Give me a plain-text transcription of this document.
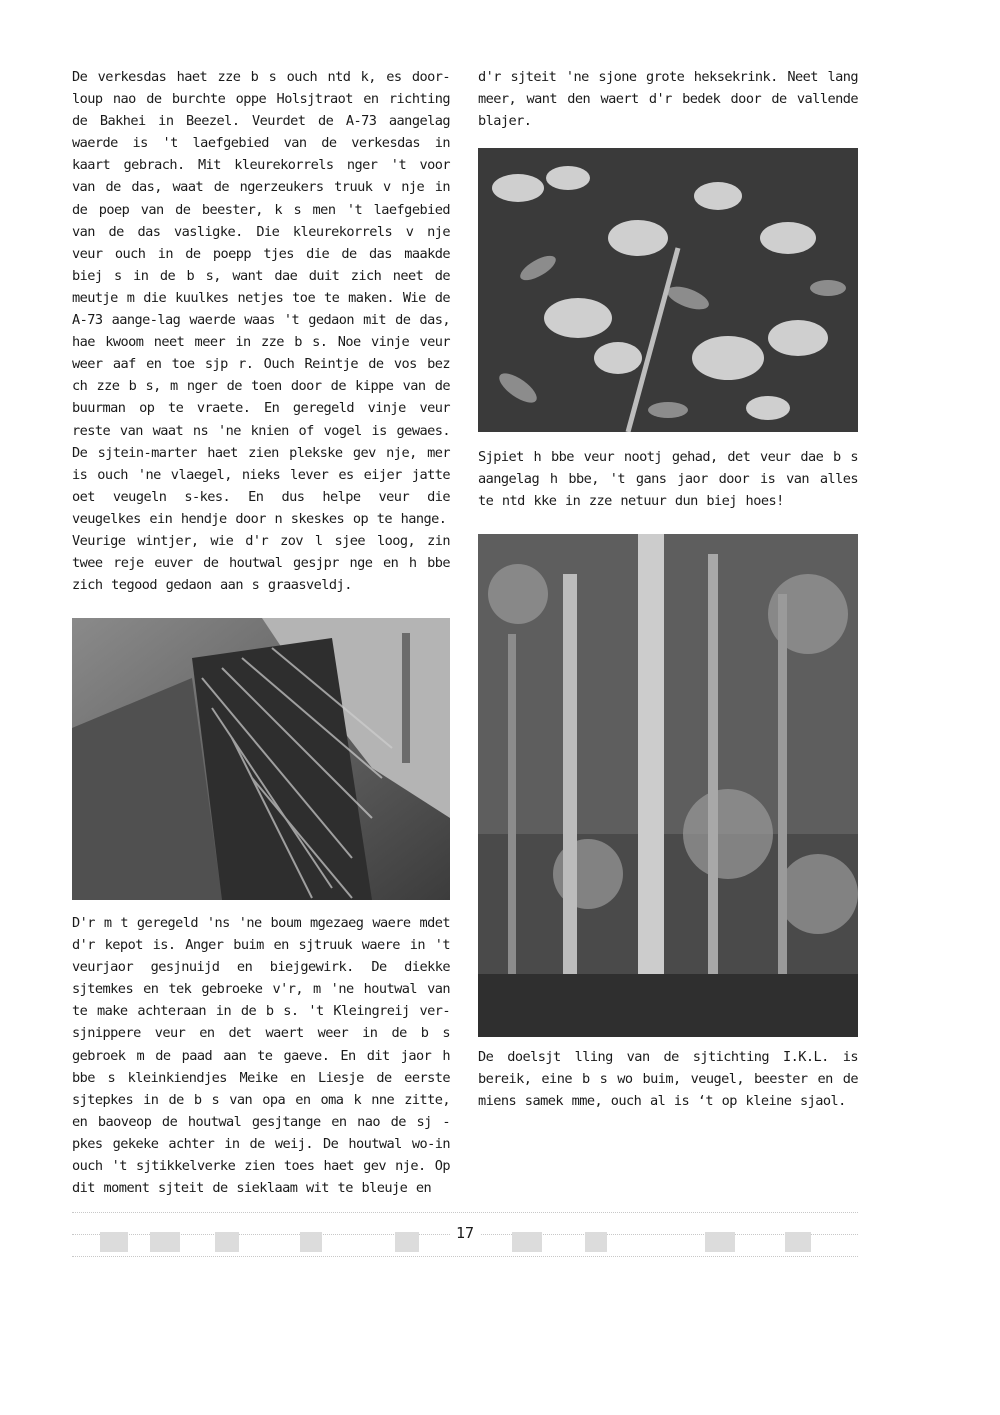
De verkesdas haet zze b s ouch ntd k, es door-loup nao de burchte oppe Holsjtraot en richting de Bakhei in Beezel. Veurdet de A-73 aangelag waerde is 't laefgebied van de verkesdas in kaart gebrach. Mit kleurekorrels nger 't voor van de das, waat de ngerzeukers truuk v nje in de poep van de beester, k s men 't laefgebied van de das vasligke. Die kleurekorrels v nje veur ouch in de poepp tjes die de das maakde biej s in de b s, want dae duit zich neet de meutje m die kuulkes netjes toe te maken. Wie de A-73 aange-lag waerde waas 't gedaon mit de das, hae kwoom neet meer in zze b s. Noe vinje veur weer aaf en toe sjp r. Ouch Reintje de vos bez ch zze b s, m nger de toen door de kippe van de buurman op te vraete. En geregeld vinje veur reste van waat ns 'ne knien of vogel is gewaes. De sjtein-marter haet zien plekske gev nje, mer is ouch 'ne vlaegel, nieks lever es eijer jatte oet veugeln s-kes. En dus helpe veur die veugelkes ein hendje door n skeskes op te hange.

Veurige wintjer, wie d'r zov l sjee loog, zin twee reje euver de houtwal gesjpr nge en h bbe zich tegood gedaon aan s graasveldj.

D'r m t geregeld 'ns 'ne boum mgezaeg waere mdet d'r kepot is. Anger buim en sjtruuk waere in 't veurjaor gesjnuijd en biejgewirk. De diekke sjtemkes en tek gebroeke v'r, m 'ne houtwal van te make achteraan in de b s. 't Kleingreij ver-sjnippere veur en det waert weer in de b s gebroek m de paad aan te gaeve. En dit jaor h bbe s kleinkiendjes Meike en Liesje de eerste sjtepkes in de b s van opa en oma k nne zitte, en baoveop de houtwal gesjtange en nao de sj - pkes gekeke achter in de weij. De houtwal wo-in ouch 't sjtikkelverke zien toes haet gev nje. Op dit moment sjteit de sieklaam wit te bleuje en

d'r sjteit 'ne sjone grote heksekrink. Neet lang meer, want den waert d'r bedek door de vallende blajer.

Sjpiet h bbe veur nootj gehad, det veur dae b s aangelag h bbe, 't gans jaor door is van alles te ntd kke in zze netuur dun biej hoes!

De doelsjt lling van de sjtichting I.K.L. is bereik, eine b s wo buim, veugel, beester en de miens samek mme, ouch al is ‘t op kleine sjaol.

17
